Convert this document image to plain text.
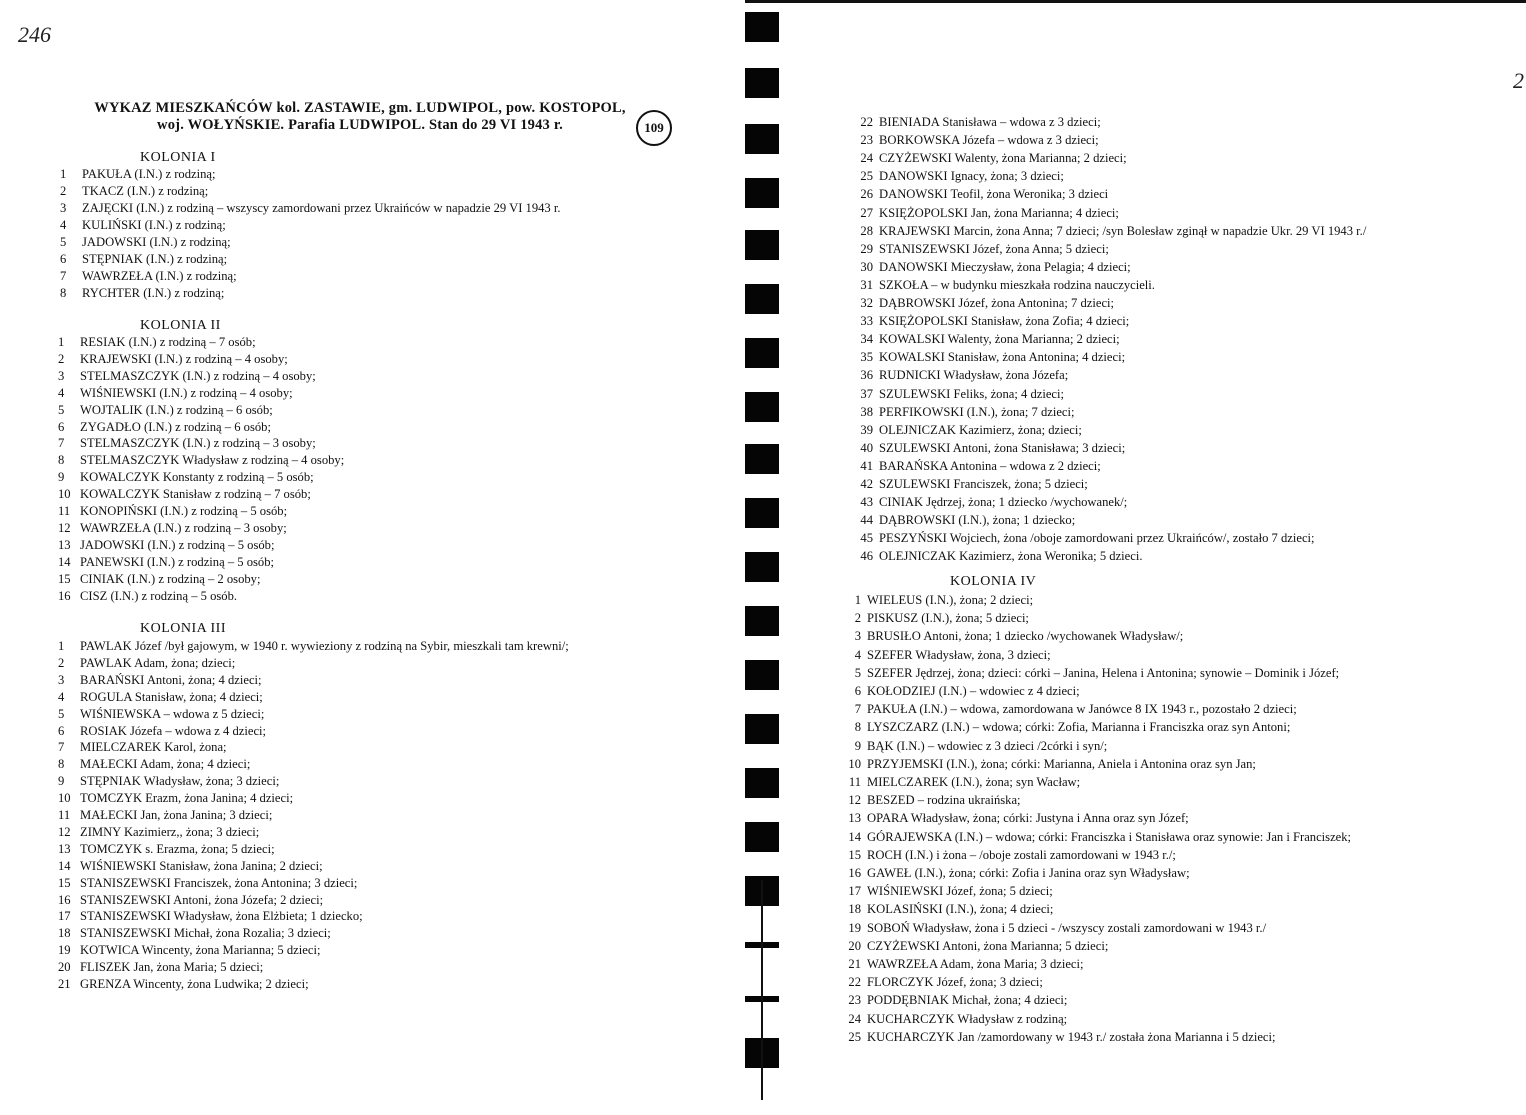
246
WYKAZ MIESZKAŃCÓW kol. ZASTAWIE, gm. LUDWIPOL, pow. KOSTOPOL,
woj. WOŁYŃSKIE. Parafia LUDWIPOL. Stan do 29 VI 1943 r.	109
KOLONIA I
1 PAKUŁA (I.N.) z rodziną;
2 TKACZ (I.N.) z rodziną;
3 ZAJĘCKI (I.N.) z rodziną – wszyscy zamordowani przez Ukraińców w napadzie 29 VI 1943 r.
4 KULIŃSKI (I.N.) z rodziną;
5 JADOWSKI (I.N.) z rodziną;
6 STĘPNIAK (I.N.) z rodziną;
7 WAWRZEŁA (I.N.) z rodziną;
8 RYCHTER (I.N.) z rodziną;
KOLONIA II
1 RESIAK (I.N.) z rodziną – 7 osób;
2 KRAJEWSKI (I.N.) z rodziną – 4 osoby;
3 STELMASZCZYK (I.N.) z rodziną – 4 osoby;
4 WIŚNIEWSKI (I.N.) z rodziną – 4 osoby;
5 WOJTALIK (I.N.) z rodziną – 6 osób;
6 ZYGADŁO (I.N.) z rodziną – 6 osób;
7 STELMASZCZYK (I.N.) z rodziną – 3 osoby;
8 STELMASZCZYK Władysław z rodziną – 4 osoby;
9 KOWALCZYK Konstanty z rodziną – 5 osób;
10 KOWALCZYK Stanisław z rodziną – 7 osób;
11 KONOPIŃSKI (I.N.) z rodziną – 5 osób;
12 WAWRZEŁA (I.N.) z rodziną – 3 osoby;
13 JADOWSKI (I.N.) z rodziną – 5 osób;
14 PANEWSKI (I.N.) z rodziną – 5 osób;
15 CINIAK (I.N.) z rodziną – 2 osoby;
16 CISZ (I.N.) z rodziną – 5 osób.
KOLONIA III
1 PAWLAK Józef /był gajowym, w 1940 r. wywieziony z rodziną na Sybir, mieszkali tam krewni/;
2 PAWLAK Adam, żona; dzieci;
3 BARAŃSKI Antoni, żona; 4 dzieci;
4 ROGULA Stanisław, żona; 4 dzieci;
5 WIŚNIEWSKA – wdowa z 5 dzieci;
6 ROSIAK Józefa – wdowa z 4 dzieci;
7 MIELCZAREK Karol, żona;
8 MAŁECKI Adam, żona; 4 dzieci;
9 STĘPNIAK Władysław, żona; 3 dzieci;
10 TOMCZYK Erazm, żona Janina; 4 dzieci;
11 MAŁECKI Jan, żona Janina; 3 dzieci;
12 ZIMNY Kazimierz,, żona; 3 dzieci;
13 TOMCZYK s. Erazma, żona; 5 dzieci;
14 WIŚNIEWSKI Stanisław, żona Janina; 2 dzieci;
15 STANISZEWSKI Franciszek, żona Antonina; 3 dzieci;
16 STANISZEWSKI Antoni, żona Józefa; 2 dzieci;
17 STANISZEWSKI Władysław, żona Elżbieta; 1 dziecko;
18 STANISZEWSKI Michał, żona Rozalia; 3 dzieci;
19 KOTWICA Wincenty, żona Marianna; 5 dzieci;
20 FLISZEK Jan, żona Maria; 5 dzieci;
21 GRENZA Wincenty, żona Ludwika; 2 dzieci;
2
22 BIENIADA Stanisława – wdowa z 3 dzieci;
23 BORKOWSKA Józefa – wdowa z 3 dzieci;
24 CZYŻEWSKI Walenty, żona Marianna; 2 dzieci;
25 DANOWSKI Ignacy, żona; 3 dzieci;
26 DANOWSKI Teofil, żona Weronika; 3 dzieci
27 KSIĘŻOPOLSKI Jan, żona Marianna; 4 dzieci;
28 KRAJEWSKI Marcin, żona Anna; 7 dzieci; /syn Bolesław zginął w napadzie Ukr. 29 VI 1943 r./
29 STANISZEWSKI Józef, żona Anna; 5 dzieci;
30 DANOWSKI Mieczysław, żona Pelagia; 4 dzieci;
31 SZKOŁA – w budynku mieszkała rodzina nauczycieli.
32 DĄBROWSKI Józef, żona Antonina; 7 dzieci;
33 KSIĘŻOPOLSKI Stanisław, żona Zofia; 4 dzieci;
34 KOWALSKI Walenty, żona Marianna; 2 dzieci;
35 KOWALSKI Stanisław, żona Antonina; 4 dzieci;
36 RUDNICKI Władysław, żona Józefa;
37 SZULEWSKI Feliks, żona; 4 dzieci;
38 PERFIKOWSKI (I.N.), żona; 7 dzieci;
39 OLEJNICZAK Kazimierz, żona; dzieci;
40 SZULEWSKI Antoni, żona Stanisława; 3 dzieci;
41 BARAŃSKA Antonina – wdowa z 2 dzieci;
42 SZULEWSKI Franciszek, żona; 5 dzieci;
43 CINIAK Jędrzej, żona; 1 dziecko /wychowanek/;
44 DĄBROWSKI (I.N.), żona; 1 dziecko;
45 PESZYŃSKI Wojciech, żona /oboje zamordowani przez Ukraińców/, zostało 7 dzieci;
46 OLEJNICZAK Kazimierz, żona Weronika; 5 dzieci.
KOLONIA IV
1 WIELEUS (I.N.), żona; 2 dzieci;
2 PISKUSZ (I.N.), żona; 5 dzieci;
3 BRUSIŁO Antoni, żona; 1 dziecko /wychowanek Władysław/;
4 SZEFER Władysław, żona, 3 dzieci;
5 SZEFER Jędrzej, żona; dzieci: córki – Janina, Helena i Antonina; synowie – Dominik i Józef;
6 KOŁODZIEJ (I.N.) – wdowiec z 4 dzieci;
7 PAKUŁA (I.N.) – wdowa, zamordowana w Janówce 8 IX 1943 r., pozostało 2 dzieci;
8 LYSZCZARZ (I.N.) – wdowa; córki: Zofia, Marianna i Franciszka oraz syn Antoni;
9 BĄK (I.N.) – wdowiec z 3 dzieci /2córki i syn/;
10 PRZYJEMSKI (I.N.), żona; córki: Marianna, Aniela i Antonina oraz syn Jan;
11 MIELCZAREK (I.N.), żona; syn Wacław;
12 BESZED – rodzina ukraińska;
13 OPARA Władysław, żona; córki: Justyna i Anna oraz syn Józef;
14 GÓRAJEWSKA (I.N.) – wdowa; córki: Franciszka i Stanisława oraz synowie: Jan i Franciszek;
15 ROCH (I.N.) i żona – /oboje zostali zamordowani w 1943 r./;
16 GAWEŁ (I.N.), żona; córki: Zofia i Janina oraz syn Władysław;
17 WIŚNIEWSKI Józef, żona; 5 dzieci;
18 KOLASIŃSKI (I.N.), żona; 4 dzieci;
19 SOBOŃ Władysław, żona i 5 dzieci - /wszyscy zostali zamordowani w 1943 r./
20 CZYŻEWSKI Antoni, żona Marianna; 5 dzieci;
21 WAWRZEŁA Adam, żona Maria; 3 dzieci;
22 FLORCZYK Józef, żona; 3 dzieci;
23 PODDĘBNIAK Michał, żona; 4 dzieci;
24 KUCHARCZYK Władysław z rodziną;
25 KUCHARCZYK Jan /zamordowany w 1943 r./ została żona Marianna i 5 dzieci;
